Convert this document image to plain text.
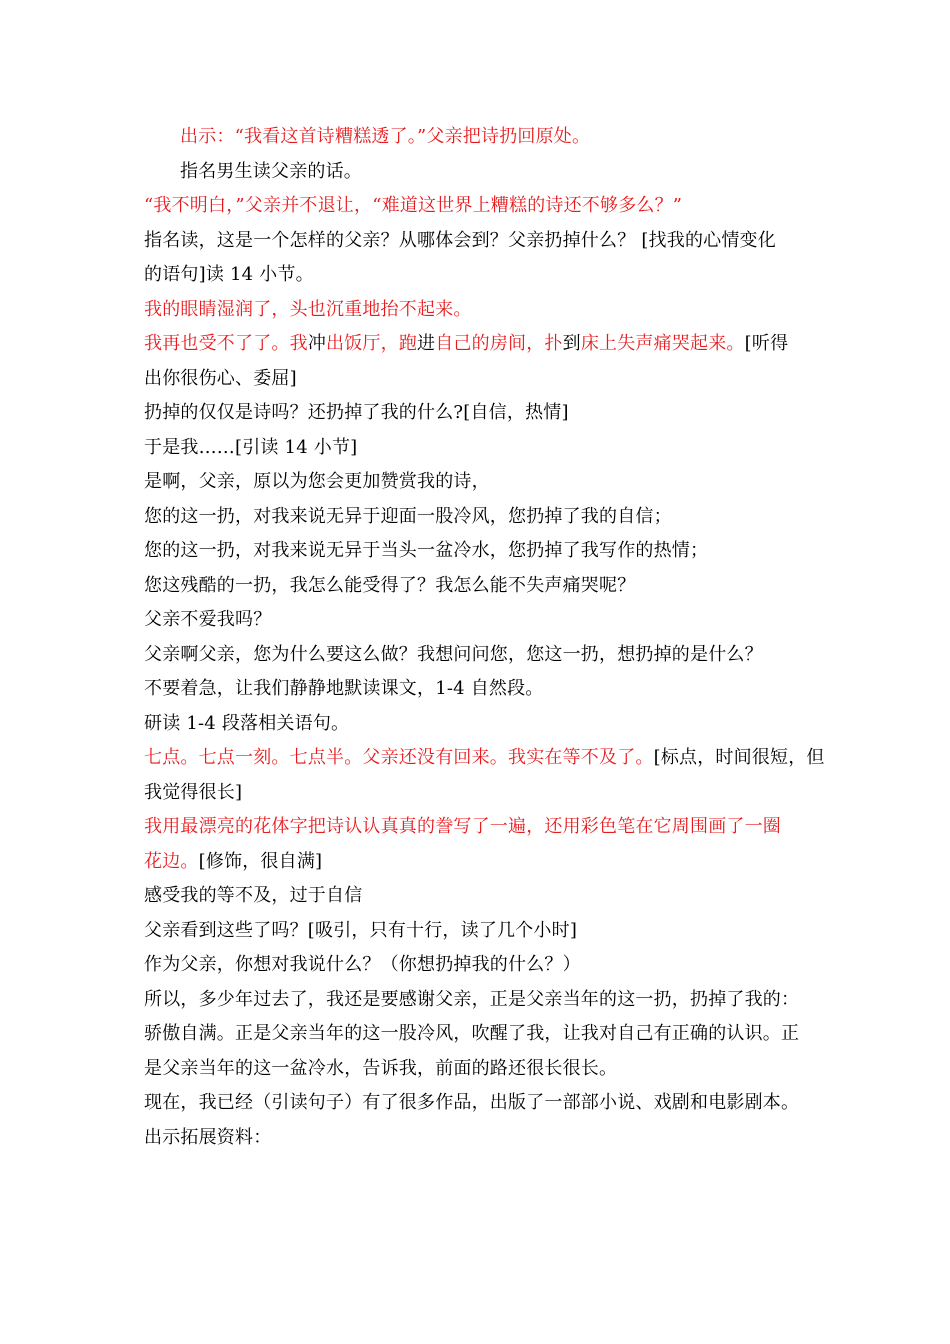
出示：“我看这首诗糟糕透了。”父亲把诗扔回原处。
指名男生读父亲的话。
“我不明白，”父亲并不退让，“难道这世界上糟糕的诗还不够多么？”
指名读，这是一个怎样的父亲？从哪体会到？父亲扔掉什么？ [找我的心情变化
的语句]读 14 小节。
我的眼睛湿润了，头也沉重地抬不起来。
我再也受不了了。我冲出饭厅，跑进自己的房间，扑到床上失声痛哭起来。[听得
出你很伤心、委屈]
扔掉的仅仅是诗吗？还扔掉了我的什么?[自信，热情]
于是我……[引读 14 小节]
是啊，父亲，原以为您会更加赞赏我的诗，
您的这一扔，对我来说无异于迎面一股冷风，您扔掉了我的自信；
您的这一扔，对我来说无异于当头一盆冷水，您扔掉了我写作的热情；
您这残酷的一扔，我怎么能受得了？我怎么能不失声痛哭呢？
父亲不爱我吗？
父亲啊父亲，您为什么要这么做？我想问问您，您这一扔，想扔掉的是什么？
不要着急，让我们静静地默读课文，1-4 自然段。
研读 1-4 段落相关语句。
七点。七点一刻。七点半。父亲还没有回来。我实在等不及了。[标点，时间很短，但
我觉得很长]
我用最漂亮的花体字把诗认认真真的誊写了一遍，还用彩色笔在它周围画了一圈
花边。[修饰，很自满]
感受我的等不及，过于自信
父亲看到这些了吗？[吸引，只有十行，读了几个小时]
作为父亲，你想对我说什么？（你想扔掉我的什么？）
所以，多少年过去了，我还是要感谢父亲，正是父亲当年的这一扔，扔掉了我的：
骄傲自满。正是父亲当年的这一股冷风，吹醒了我，让我对自己有正确的认识。正
是父亲当年的这一盆冷水，告诉我，前面的路还很长很长。
现在，我已经（引读句子）有了很多作品，出版了一部部小说、戏剧和电影剧本。
出示拓展资料：
